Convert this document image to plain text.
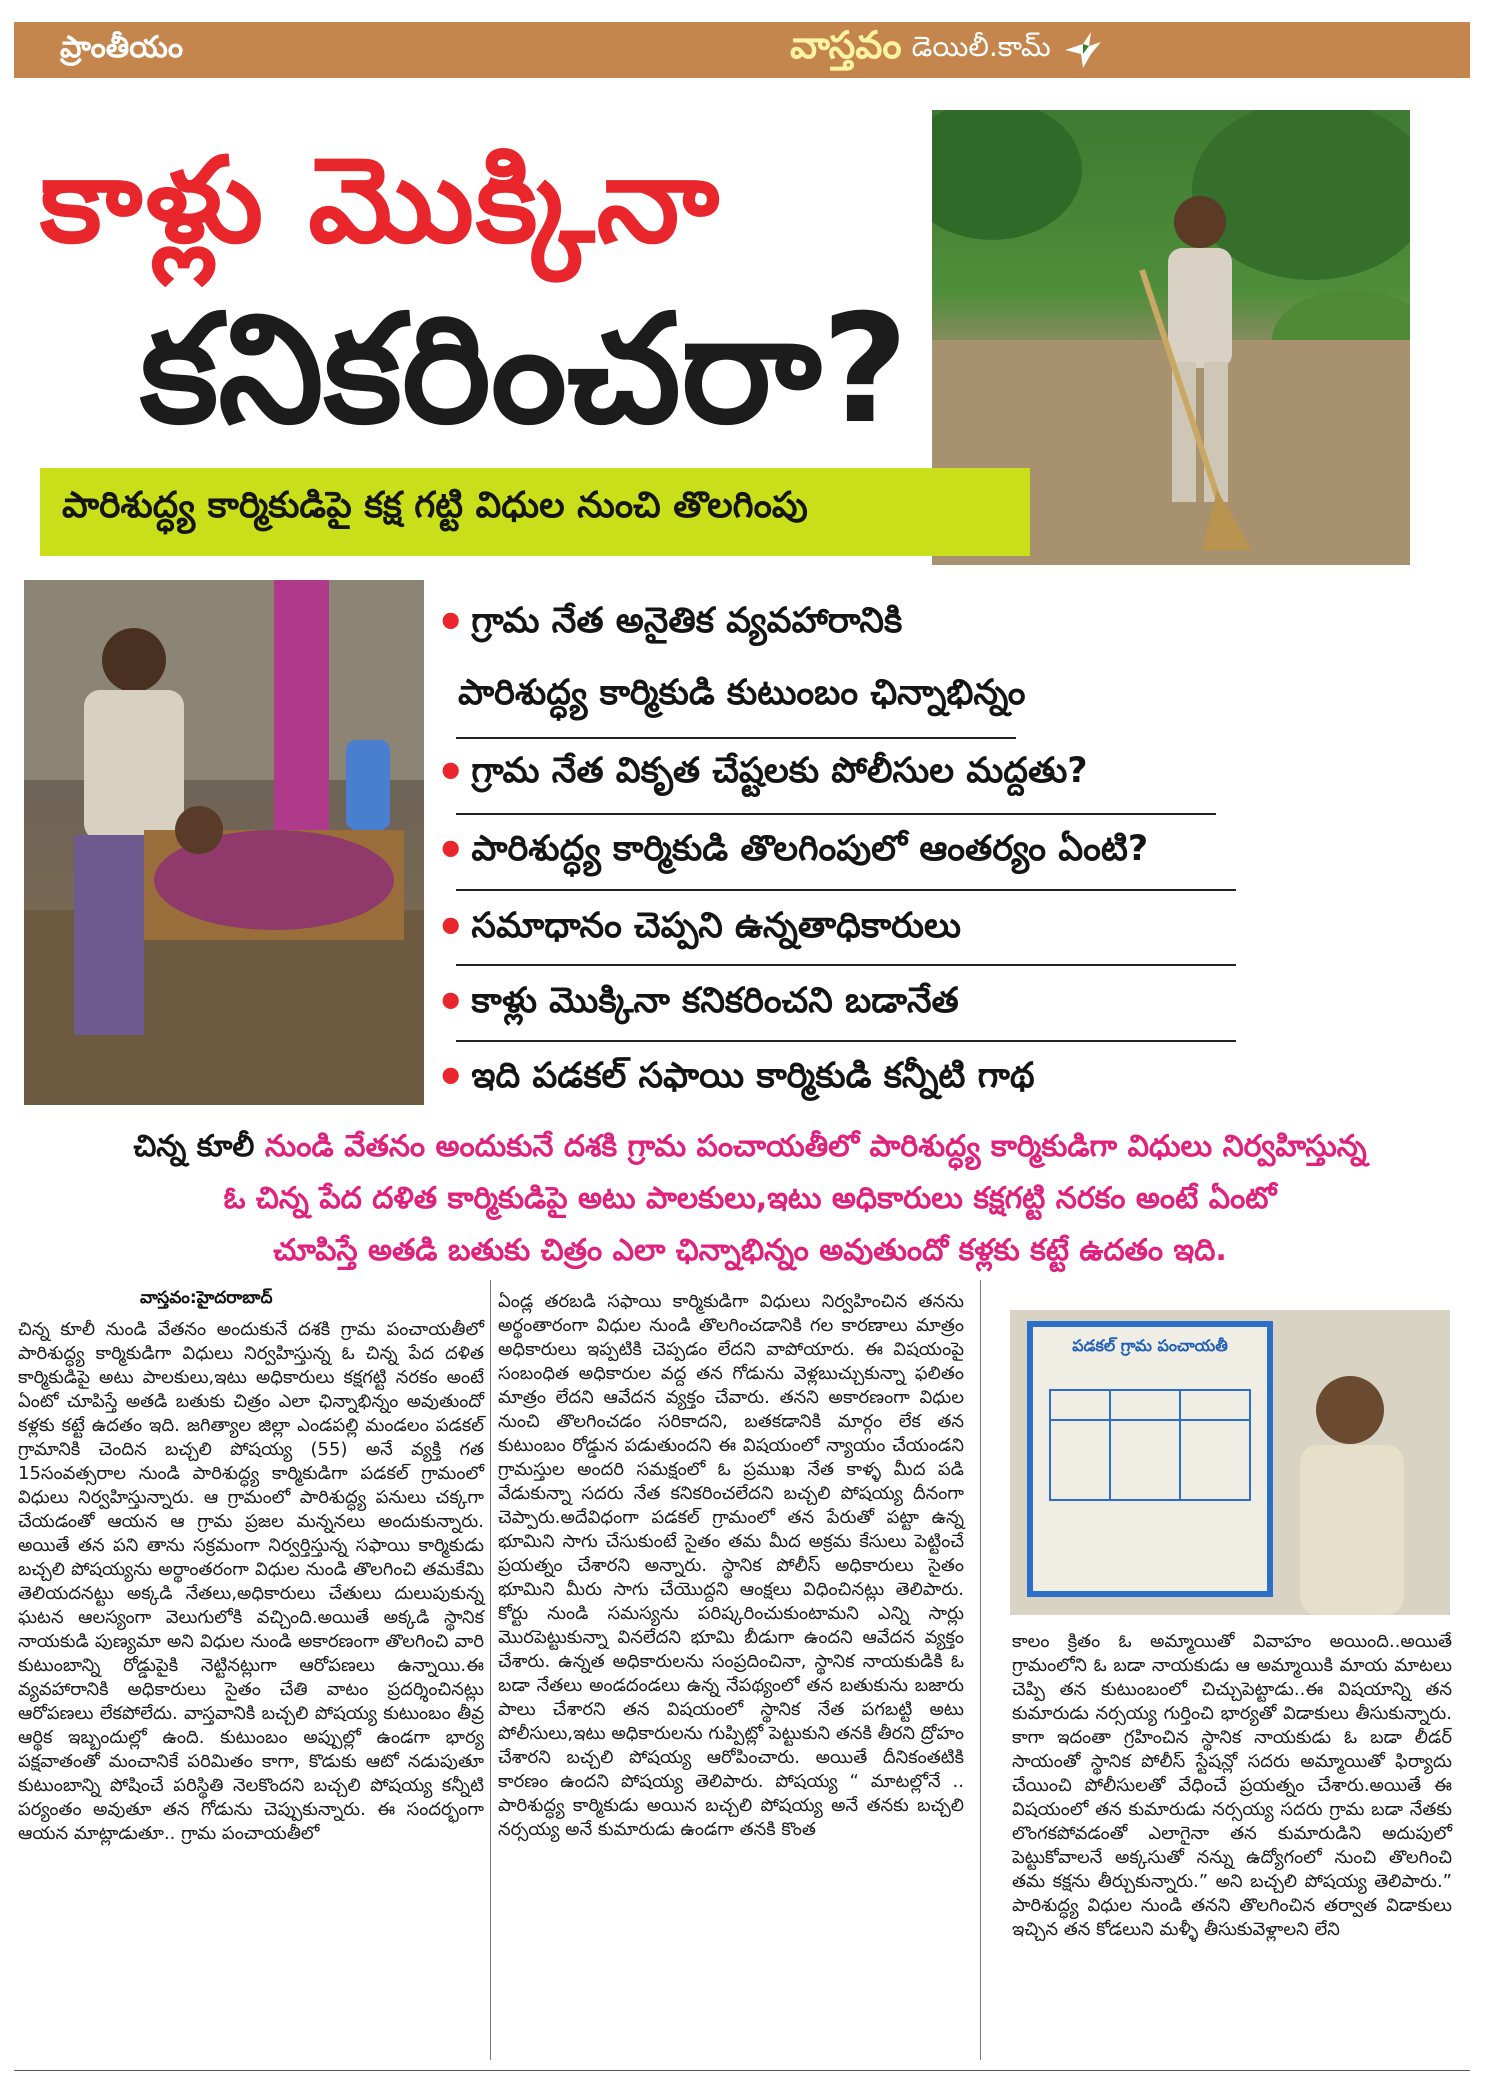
ప్రాంతీయం	వాస్తవం డెయిలీ.కామ్
కాళ్లు మొక్కినా
కనికరించరా?
పారిశుద్ధ్య కార్మికుడిపై కక్ష గట్టి విధుల నుంచి తొలగింపు
• గ్రామ నేత అనైతిక వ్యవహారానికి
పారిశుద్ధ్య కార్మికుడి కుటుంబం ఛిన్నాభిన్నం
• గ్రామ నేత వికృత చేష్టలకు పోలీసుల మద్దతు?
• పారిశుద్ధ్య కార్మికుడి తొలగింపులో ఆంతర్యం ఏంటి?
• సమాధానం చెప్పని ఉన్నతాధికారులు
• కాళ్లు మొక్కినా కనికరించని బడానేత
• ఇది పడకల్ సఫాయి కార్మికుడి కన్నీటి గాథ
చిన్న కూలీ నుండి వేతనం అందుకునే దశకి గ్రామ పంచాయతీలో పారిశుద్ధ్య కార్మికుడిగా విధులు నిర్వహిస్తున్న
ఓ చిన్న పేద దళిత కార్మికుడిపై అటు పాలకులు,ఇటు అధికారులు కక్షగట్టి నరకం అంటే ఏంటో
చూపిస్తే అతడి బతుకు చిత్రం ఎలా ఛిన్నాభిన్నం అవుతుందో కళ్లకు కట్టే ఉదతం ఇది.
వాస్తవం:హైదరాబాద్
చిన్న కూలీ నుండి వేతనం అందుకునే దశకి గ్రామ పంచాయతీలో పారిశుద్ధ్య కార్మికుడిగా విధులు నిర్వహిస్తున్న ఓ చిన్న పేద దళిత కార్మికుడిపై అటు పాలకులు,ఇటు అధికారులు కక్షగట్టి నరకం అంటే ఏంటో చూపిస్తే అతడి బతుకు చిత్రం ఎలా ఛిన్నాభిన్నం అవుతుందో కళ్లకు కట్టే ఉదతం ఇది. జగిత్యాల జిల్లా ఎండపల్లి మండలం పడకల్ గ్రామానికి చెందిన బచ్చలి పోషయ్య (55) అనే వ్యక్తి గత 15సంవత్సరాల నుండి పారిశుద్ధ్య కార్మికుడిగా పడకల్ గ్రామంలో విధులు నిర్వహిస్తున్నారు. ఆ గ్రామంలో పారిశుద్ధ్య పనులు చక్కగా చేయడంతో ఆయన ఆ గ్రామ ప్రజల మన్ననలు అందుకున్నారు. అయితే తన పని తాను సక్రమంగా నిర్వర్తిస్తున్న సఫాయి కార్మికుడు బచ్చలి పోషయ్యను అర్థాంతరంగా విధుల నుండి తొలగించి తమకేమి తెలియదనట్టు అక్కడి నేతలు,అధికారులు చేతులు దులుపుకున్న ఘటన ఆలస్యంగా వెలుగులోకి వచ్చింది.అయితే అక్కడి స్థానిక నాయకుడి పుణ్యమా అని విధుల నుండి అకారణంగా తొలగించి వారి కుటుంబాన్ని రోడ్డుపైకి నెట్టినట్లుగా ఆరోపణలు ఉన్నాయి.ఈ వ్యవహారానికి అధికారులు సైతం చేతి వాటం ప్రదర్శించినట్లు ఆరోపణలు లేకపోలేదు. వాస్తవానికి బచ్చలి పోషయ్య కుటుంబం తీవ్ర ఆర్థిక ఇబ్బందుల్లో ఉంది. కుటుంబం అప్పుల్లో ఉండగా భార్య పక్షవాతంతో మంచానికే పరిమితం కాగా, కొడుకు ఆటో నడుపుతూ కుటుంబాన్ని పోషించే పరిస్థితి నెలకొందని బచ్చలి పోషయ్య కన్నీటి పర్యంతం అవుతూ తన గోడును చెప్పుకున్నారు. ఈ సందర్భంగా ఆయన మాట్లాడుతూ.. గ్రామ పంచాయతీలో
ఏండ్ల తరబడి సఫాయి కార్మికుడిగా విధులు నిర్వహించిన తనను అర్థంతారంగా విధుల నుండి తొలగించడానికి గల కారణాలు మాత్రం అధికారులు ఇప్పటికి చెప్పడం లేదని వాపోయారు. ఈ విషయంపై సంబంధిత అధికారుల వద్ద తన గోడును వెళ్లబుచ్చుకున్నా ఫలితం మాత్రం లేదని ఆవేదన వ్యక్తం చేవారు. తనని అకారణంగా విధుల నుంచి తొలగించడం సరికాదని, బతకడానికి మార్గం లేక తన కుటుంబం రోడ్డున పడుతుందని ఈ విషయంలో న్యాయం చేయండని గ్రామస్తుల అందరి సమక్షంలో ఓ ప్రముఖ నేత కాళ్ళ మీద పడి వేడుకున్నా సదరు నేత కనికరించలేదని బచ్చలి పోషయ్య దీనంగా చెప్పారు.అదేవిధంగా పడకల్ గ్రామంలో తన పేరుతో పట్టా ఉన్న భూమిని సాగు చేసుకుంటే సైతం తమ మీద అక్రమ కేసులు పెట్టించే ప్రయత్నం చేశారని అన్నారు. స్థానిక పోలీస్ అధికారులు సైతం భూమిని మీరు సాగు చేయొద్దని ఆంక్షలు విధించినట్లు తెలిపారు. కోర్టు నుండి సమస్యను పరిష్కరించుకుంటామని ఎన్ని సార్లు మొరపెట్టుకున్నా వినలేదని భూమి బీడుగా ఉందని ఆవేదన వ్యక్తం చేశారు. ఉన్నత అధికారులను సంప్రదించినా, స్థానిక నాయకుడికి ఓ బడా నేతలు అండదండలు ఉన్న నేపథ్యంలో తన బతుకును బజారు పాలు చేశారని తన విషయంలో స్థానిక నేత పగబట్టి అటు పోలీసులు,ఇటు అధికారులను గుప్పిట్లో పెట్టుకుని తనకి తీరని ద్రోహం చేశారని బచ్చలి పోషయ్య ఆరోపించారు. అయితే దీనికంతటికి కారణం ఉందని పోషయ్య తెలిపారు. పోషయ్య “ మాటల్లోనే .. పారిశుద్ధ్య కార్మికుడు అయిన బచ్చలి పోషయ్య అనే తనకు బచ్చలి నర్సయ్య అనే కుమారుడు ఉండగా తనకి కొంత
పడకల్ గ్రామ పంచాయతీ
కాలం క్రితం ఓ అమ్మాయితో వివాహం అయింది..అయితే గ్రామంలోని ఓ బడా నాయకుడు ఆ అమ్మాయికి మాయ మాటలు చెప్పి తన కుటుంబంలో చిచ్చుపెట్టాడు..ఈ విషయాన్ని తన కుమారుడు నర్సయ్య గుర్తించి భార్యతో విడాకులు తీసుకున్నారు. కాగా ఇదంతా గ్రహించిన స్థానిక నాయకుడు ఓ బడా లీడర్ సాయంతో స్థానిక పోలీస్ స్టేషన్లో సదరు అమ్మాయితో ఫిర్యాదు చేయించి పోలీసులతో వేధించే ప్రయత్నం చేశారు.అయితే ఈ విషయంలో తన కుమారుడు నర్సయ్య సదరు గ్రామ బడా నేతకు లొంగకపోవడంతో ఎలాగైనా తన కుమారుడిని అదుపులో పెట్టుకోవాలనే అక్కసుతో నన్ను ఉద్యోగంలో నుంచి తొలగించి తమ కక్షను తీర్చుకున్నారు.” అని బచ్చలి పోషయ్య తెలిపారు.” పారిశుద్ధ్య విధుల నుండి తనని తొలగించిన తర్వాత విడాకులు ఇచ్చిన తన కోడలుని మళ్ళీ తీసుకువెళ్లాలని లేని
